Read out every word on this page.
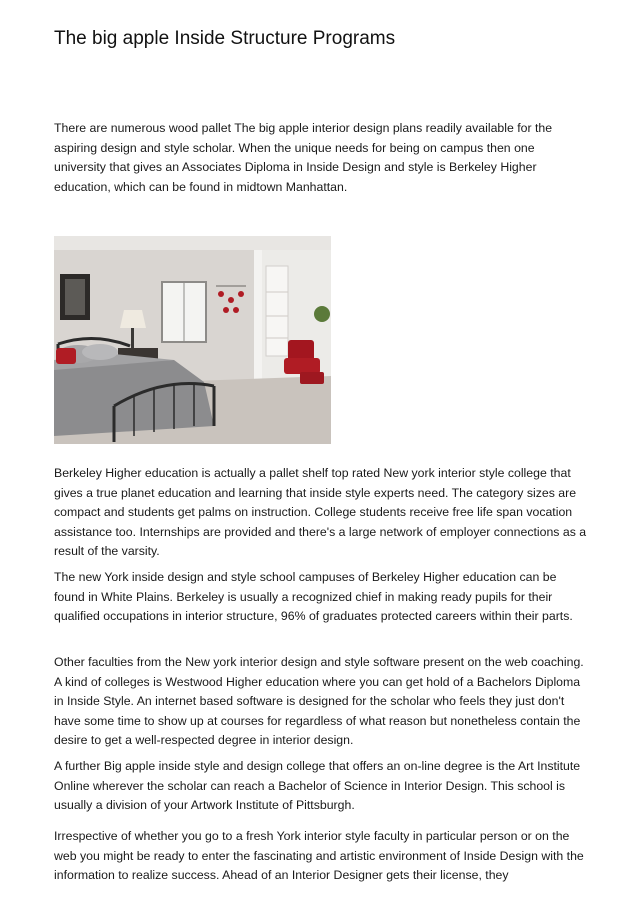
The big apple Inside Structure Programs

There are numerous wood pallet The big apple interior design plans readily available for the aspiring design and style scholar. When the unique needs for being on campus then one university that gives an Associates Diploma in Inside Design and style is Berkeley Higher education, which can be found in midtown Manhattan.

Berkeley Higher education is actually a pallet shelf top rated New york interior style college that gives a true planet education and learning that inside style experts need. The category sizes are compact and students get palms on instruction. College students receive free life span vocation assistance too. Internships are provided and there's a large network of employer connections as a result of the varsity.

The new York inside design and style school campuses of Berkeley Higher education can be found in White Plains. Berkeley is usually a recognized chief in making ready pupils for their qualified occupations in interior structure, 96% of graduates protected careers within their parts.

Other faculties from the New york interior design and style software present on the web coaching. A kind of colleges is Westwood Higher education where you can get hold of a Bachelors Diploma in Inside Style. An internet based software is designed for the scholar who feels they just don't have some time to show up at courses for regardless of what reason but nonetheless contain the desire to get a well-respected degree in interior design.

A further Big apple inside style and design college that offers an on-line degree is the Art Institute Online wherever the scholar can reach a Bachelor of Science in Interior Design. This school is usually a division of your Artwork Institute of Pittsburgh.

Irrespective of whether you go to a fresh York interior style faculty in particular person or on the web you might be ready to enter the fascinating and artistic environment of Inside Design with the information to realize success. Ahead of an Interior Designer gets their license, they
